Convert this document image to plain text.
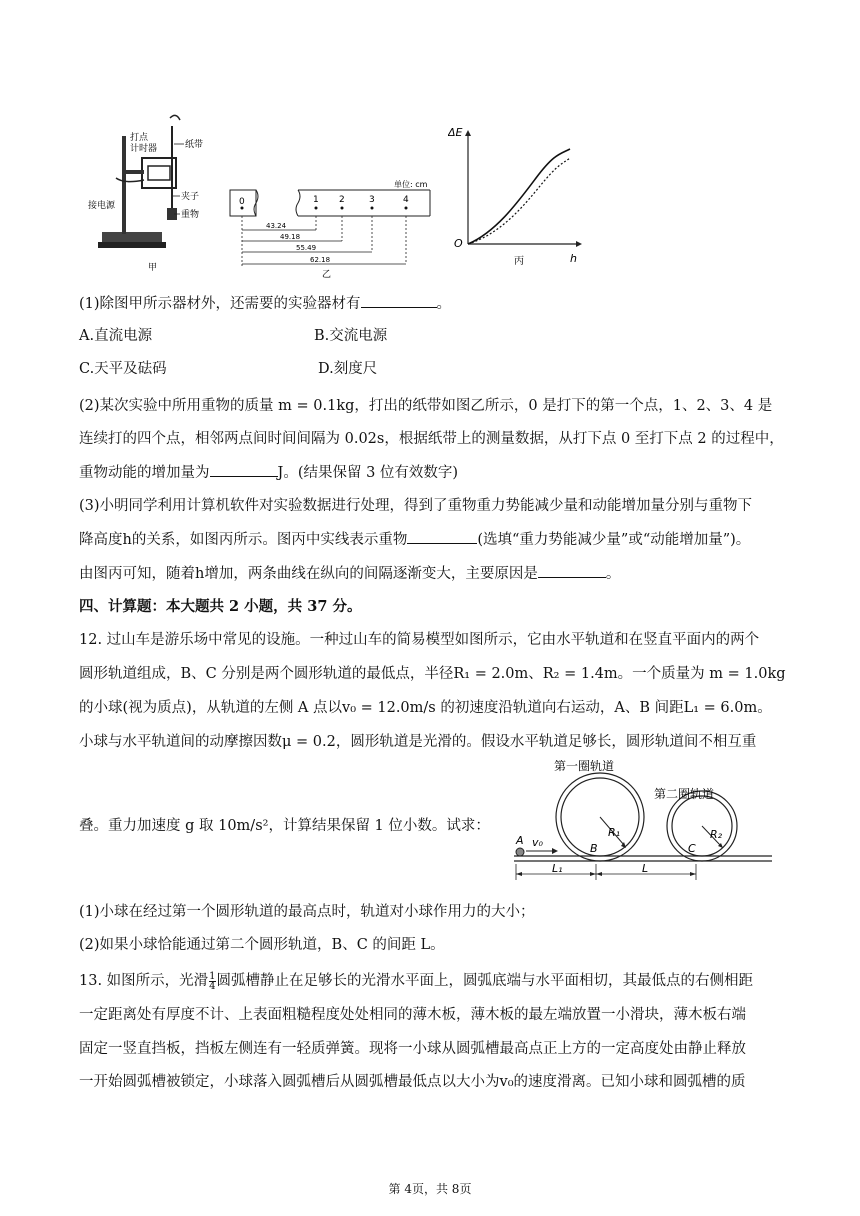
打点
计时器	纸带
接电源
夹子
重物
甲
单位: cm
0	1 2	3	4
43.24
49.18
55.49
62.18
乙
ΔE
h
O
丙
(1)除图甲所示器材外，还需要的实验器材有	。
A.直流电源	B.交流电源
C.天平及砝码	D.刻度尺
(2)某次实验中所用重物的质量 m = 0.1kg，打出的纸带如图乙所示，0 是打下的第一个点，1、2、3、4 是
连续打的四个点，相邻两点间时间间隔为 0.02s，根据纸带上的测量数据，从打下点 0 至打下点 2 的过程中，
重物动能的增加量为	J。(结果保留 3 位有效数字)
(3)小明同学利用计算机软件对实验数据进行处理，得到了重物重力势能减少量和动能增加量分别与重物下
降高度h的关系，如图丙所示。图丙中实线表示重物	(选填“重力势能减少量”或“动能增加量”)。
由图丙可知，随着h增加，两条曲线在纵向的间隔逐渐变大，主要原因是	。
四、计算题：本大题共 2 小题，共 37 分。
12. 过山车是游乐场中常见的设施。一种过山车的简易模型如图所示，它由水平轨道和在竖直平面内的两个
圆形轨道组成，B、C 分别是两个圆形轨道的最低点，半径R₁ = 2.0m、R₂ = 1.4m。一个质量为 m = 1.0kg
的小球(视为质点)，从轨道的左侧 A 点以v₀ = 12.0m/s 的初速度沿轨道向右运动，A、B 间距L₁ = 6.0m。
小球与水平轨道间的动摩擦因数μ = 0.2，圆形轨道是光滑的。假设水平轨道足够长，圆形轨道间不相互重
叠。重力加速度 g 取 10m/s²，计算结果保留 1 位小数。试求：
第一圈轨道
第二圈轨道
A v₀	B	C
R₁	R₂
L₁	L
(1)小球在经过第一个圆形轨道的最高点时，轨道对小球作用力的大小；
(2)如果小球恰能通过第二个圆形轨道，B、C 的间距 L。
13. 如图所示，光滑 $\frac{1}{4}$ 圆弧槽静止在足够长的光滑水平面上，圆弧底端与水平面相切，其最低点的右侧相距
一定距离处有厚度不计、上表面粗糙程度处处相同的薄木板，薄木板的最左端放置一小滑块，薄木板右端
固定一竖直挡板，挡板左侧连有一轻质弹簧。现将一小球从圆弧槽最高点正上方的一定高度处由静止释放
一开始圆弧槽被锁定，小球落入圆弧槽后从圆弧槽最低点以大小为v₀的速度滑离。已知小球和圆弧槽的质
第 4页，共 8页
